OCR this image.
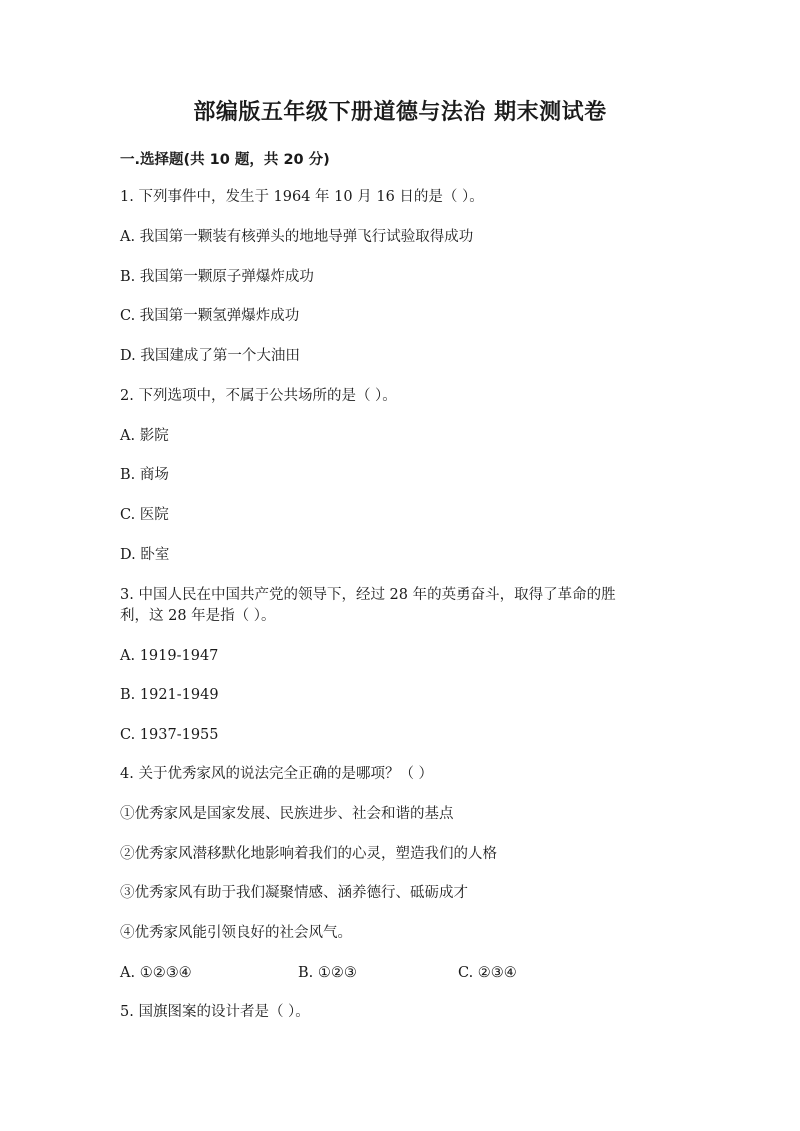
部编版五年级下册道德与法治 期末测试卷
一.选择题(共 10 题，共 20 分)
1. 下列事件中，发生于 1964 年 10 月 16 日的是（ ）。
A. 我国第一颗装有核弹头的地地导弹飞行试验取得成功
B. 我国第一颗原子弹爆炸成功
C. 我国第一颗氢弹爆炸成功
D. 我国建成了第一个大油田
2. 下列选项中，不属于公共场所的是（ ）。
A. 影院
B. 商场
C. 医院
D. 卧室
3. 中国人民在中国共产党的领导下，经过 28 年的英勇奋斗，取得了革命的胜
利，这 28 年是指（ ）。
A. 1919-1947
B. 1921-1949
C. 1937-1955
4. 关于优秀家风的说法完全正确的是哪项？（ ）
①优秀家风是国家发展、民族进步、社会和谐的基点
②优秀家风潜移默化地影响着我们的心灵，塑造我们的人格
③优秀家风有助于我们凝聚情感、涵养德行、砥砺成才
④优秀家风能引领良好的社会风气。
A. ①②③④	B. ①②③	C. ②③④
5. 国旗图案的设计者是（ ）。
